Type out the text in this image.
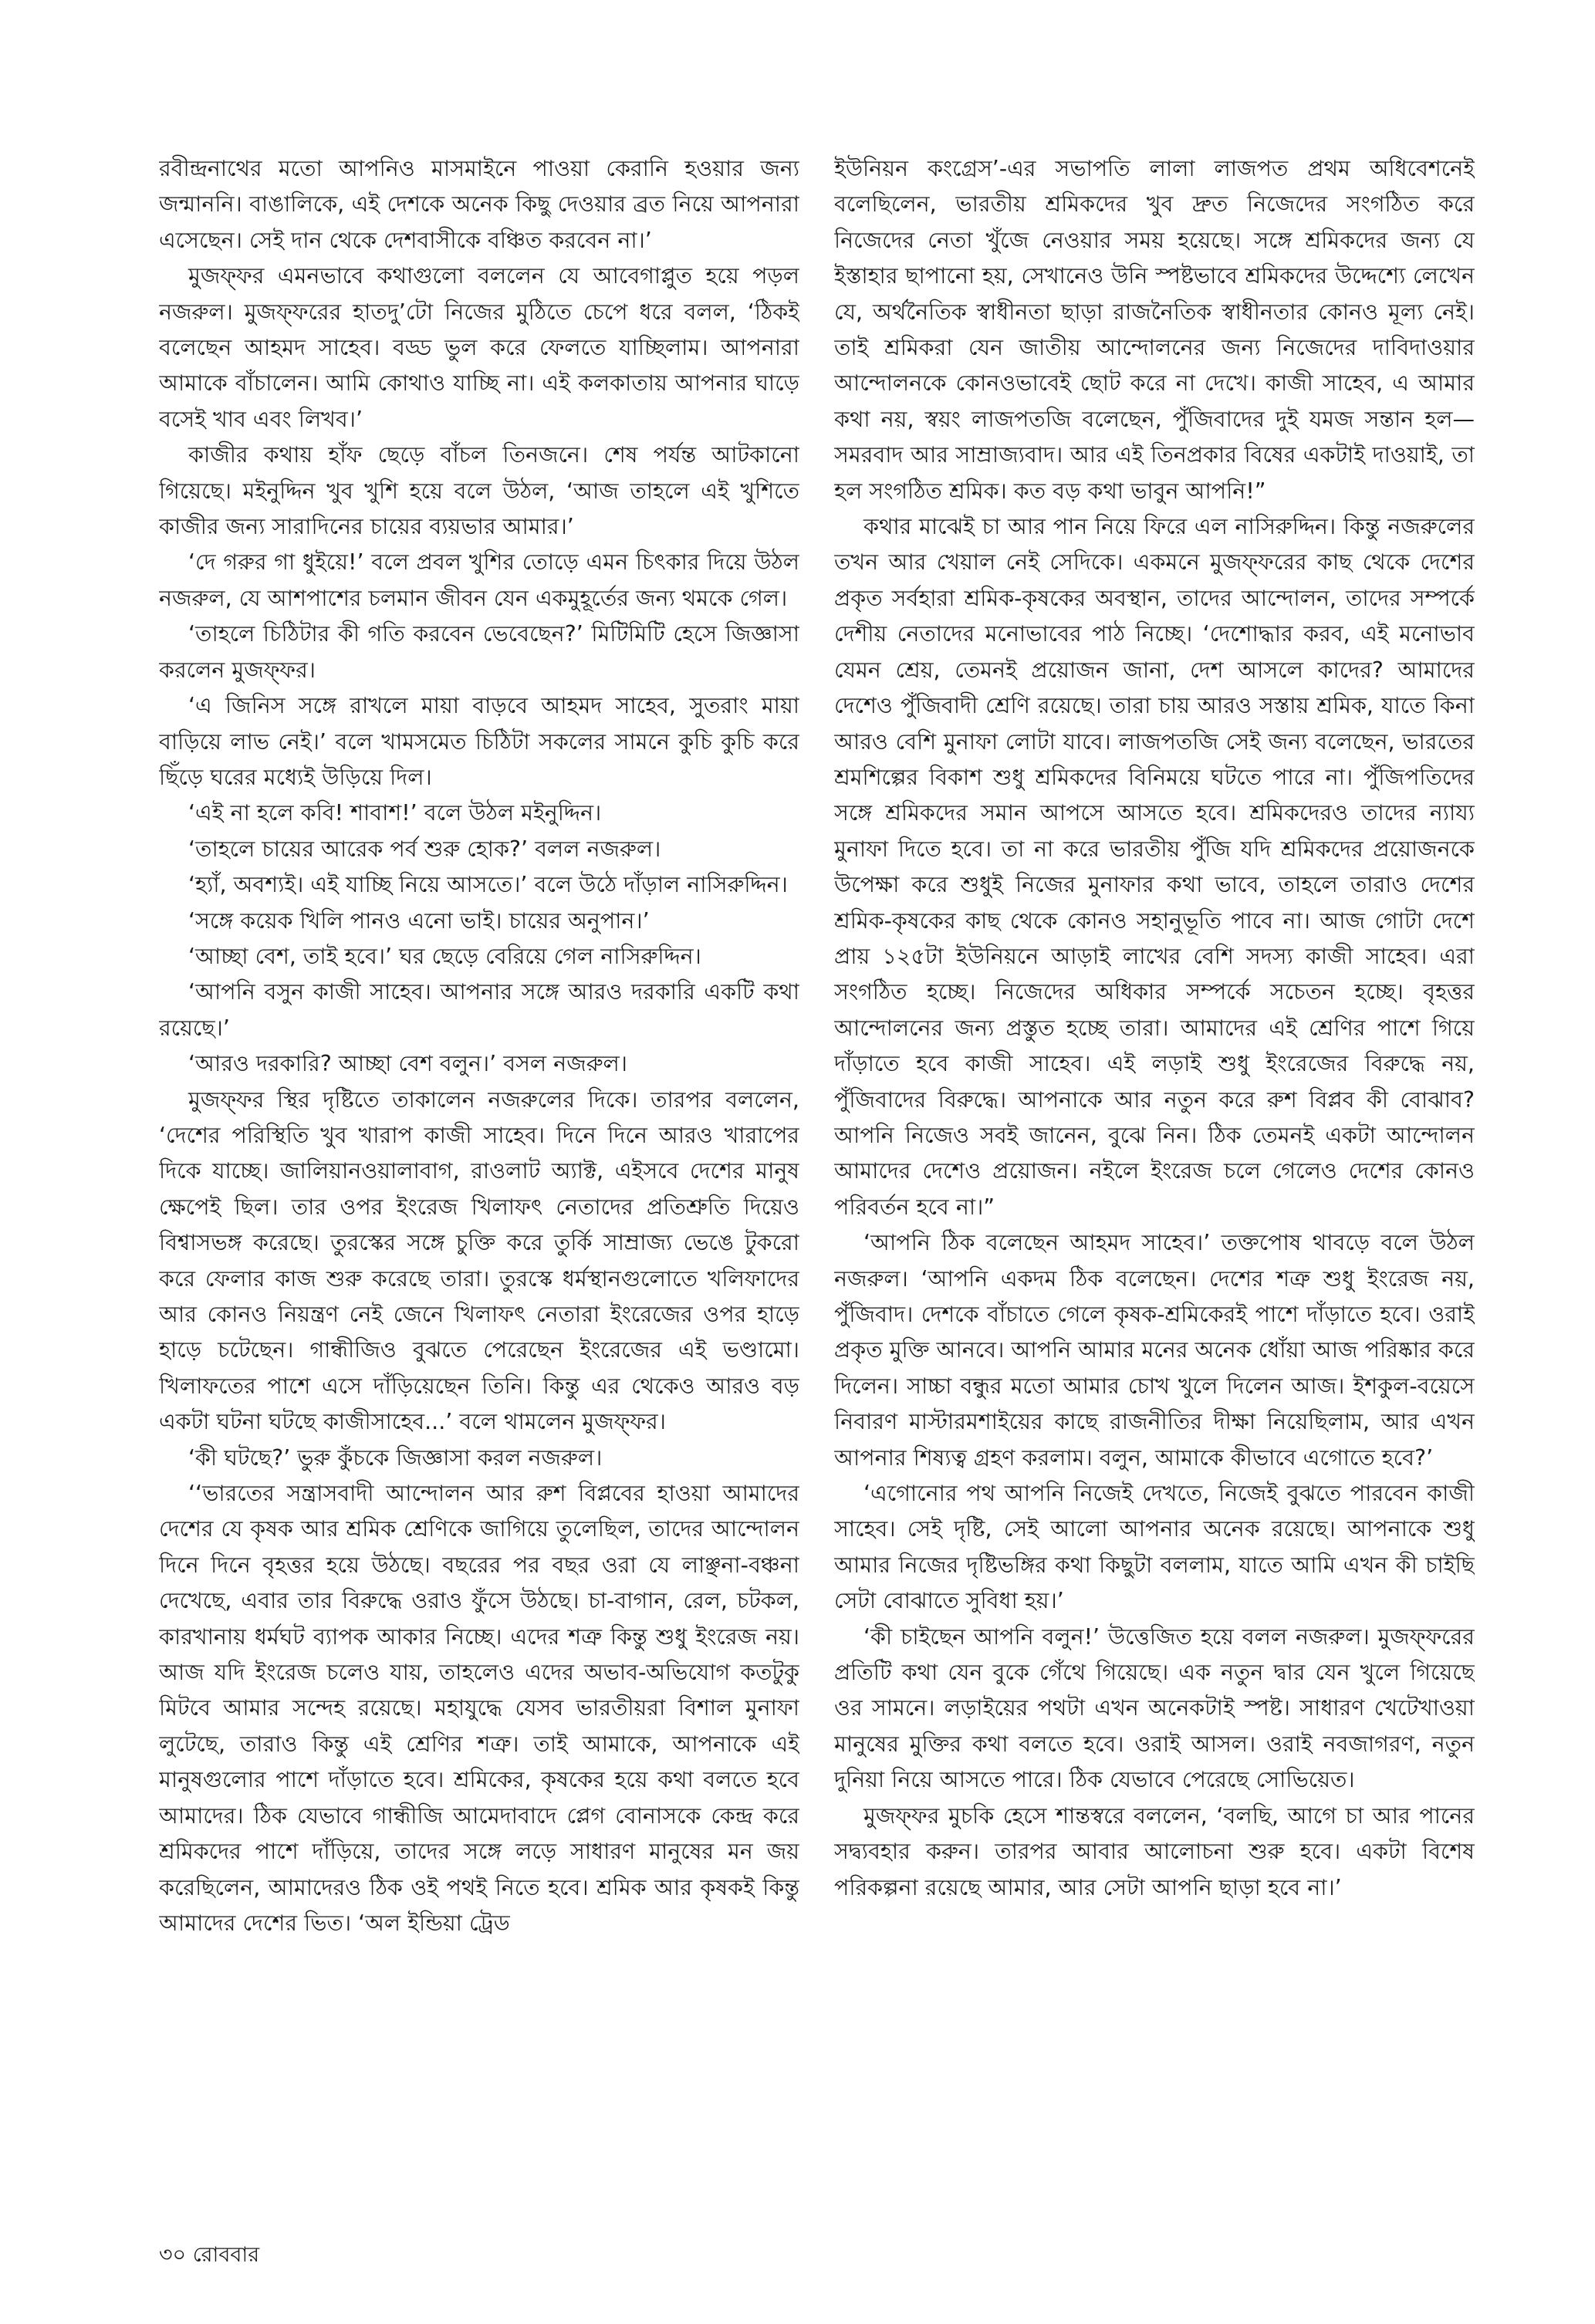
রবীন্দ্রনাথের মতো আপনিও মাসমাইনে পাওয়া কেরানি হওয়ার জন্য জন্মাননি। বাঙালিকে, এই দেশকে অনেক কিছু দেওয়ার ব্রত নিয়ে আপনারা এসেছেন। সেই দান থেকে দেশবাসীকে বঞ্চিত করবেন না।’

মুজফ্ফর এমনভাবে কথাগুলো বললেন যে আবেগাপ্লুত হয়ে পড়ল নজরুল। মুজফ্ফরের হাতদু’টো নিজের মুঠিতে চেপে ধরে বলল, ‘ঠিকই বলেছেন আহমদ সাহেব। বড্ড ভুল করে ফেলতে যাচ্ছিলাম। আপনারা আমাকে বাঁচালেন। আমি কোথাও যাচ্ছি না। এই কলকাতায় আপনার ঘাড়ে বসেই খাব এবং লিখব।’

কাজীর কথায় হাঁফ ছেড়ে বাঁচল তিনজনে। শেষ পর্যন্ত আটকানো গিয়েছে। মইনুদ্দিন খুব খুশি হয়ে বলে উঠল, ‘আজ তাহলে এই খুশিতে কাজীর জন্য সারাদিনের চায়ের ব্যয়ভার আমার।’

‘দে গরুর গা ধুইয়ে!’ বলে প্রবল খুশির তোড়ে এমন চিৎকার দিয়ে উঠল নজরুল, যে আশপাশের চলমান জীবন যেন একমুহূর্তের জন্য থমকে গেল।

‘তাহলে চিঠিটার কী গতি করবেন ভেবেছেন?’ মিটিমিটি হেসে জিজ্ঞাসা করলেন মুজফ্ফর।

‘এ জিনিস সঙ্গে রাখলে মায়া বাড়বে আহমদ সাহেব, সুতরাং মায়া বাড়িয়ে লাভ নেই।’ বলে খামসমেত চিঠিটা সকলের সামনে কুচি কুচি করে ছিঁড়ে ঘরের মধ্যেই উড়িয়ে দিল।

‘এই না হলে কবি! শাবাশ!’ বলে উঠল মইনুদ্দিন।

‘তাহলে চায়ের আরেক পর্ব শুরু হোক?’ বলল নজরুল।

‘হ্যাঁ, অবশ্যই। এই যাচ্ছি নিয়ে আসতে।’ বলে উঠে দাঁড়াল নাসিরুদ্দিন।

‘সঙ্গে কয়েক খিলি পানও এনো ভাই। চায়ের অনুপান।’

‘আচ্ছা বেশ, তাই হবে।’ ঘর ছেড়ে বেরিয়ে গেল নাসিরুদ্দিন।

‘আপনি বসুন কাজী সাহেব। আপনার সঙ্গে আরও দরকারি একটি কথা রয়েছে।’

‘আরও দরকারি? আচ্ছা বেশ বলুন।’ বসল নজরুল।

মুজফ্ফর স্থির দৃষ্টিতে তাকালেন নজরুলের দিকে। তারপর বললেন, ‘দেশের পরিস্থিতি খুব খারাপ কাজী সাহেব। দিনে দিনে আরও খারাপের দিকে যাচ্ছে। জালিয়ানওয়ালাবাগ, রাওলাট অ্যাক্ট, এইসবে দেশের মানুষ ক্ষেপেই ছিল। তার ওপর ইংরেজ খিলাফৎ নেতাদের প্রতিশ্রুতি দিয়েও বিশ্বাসভঙ্গ করেছে। তুরস্কের সঙ্গে চুক্তি করে তুর্কি সাম্রাজ্য ভেঙে টুকরো করে ফেলার কাজ শুরু করেছে তারা। তুরস্কে ধর্মস্থানগুলোতে খলিফাদের আর কোনও নিয়ন্ত্রণ নেই জেনে খিলাফৎ নেতারা ইংরেজের ওপর হাড়ে হাড়ে চটেছেন। গান্ধীজিও বুঝতে পেরেছেন ইংরেজের এই ভণ্ডামো। খিলাফতের পাশে এসে দাঁড়িয়েছেন তিনি। কিন্তু এর থেকেও আরও বড় একটা ঘটনা ঘটছে কাজীসাহেব...’ বলে থামলেন মুজফ্ফর।

‘কী ঘটছে?’ ভুরু কুঁচকে জিজ্ঞাসা করল নজরুল।

‘‘ভারতের সন্ত্রাসবাদী আন্দোলন আর রুশ বিপ্লবের হাওয়া আমাদের দেশের যে কৃষক আর শ্রমিক শ্রেণিকে জাগিয়ে তুলেছিল, তাদের আন্দোলন দিনে দিনে বৃহত্তর হয়ে উঠছে। বছরের পর বছর ওরা যে লাঞ্ছনা-বঞ্চনা দেখেছে, এবার তার বিরুদ্ধে ওরাও ফুঁসে উঠছে। চা-বাগান, রেল, চটকল, কারখানায় ধর্মঘট ব্যাপক আকার নিচ্ছে। এদের শত্রু কিন্তু শুধু ইংরেজ নয়। আজ যদি ইংরেজ চলেও যায়, তাহলেও এদের অভাব-অভিযোগ কতটুকু মিটবে আমার সন্দেহ রয়েছে। মহাযুদ্ধে যেসব ভারতীয়রা বিশাল মুনাফা লুটেছে, তারাও কিন্তু এই শ্রেণির শত্রু। তাই আমাকে, আপনাকে এই মানুষগুলোর পাশে দাঁড়াতে হবে। শ্রমিকের, কৃষকের হয়ে কথা বলতে হবে আমাদের। ঠিক যেভাবে গান্ধীজি আমেদাবাদে প্লেগ বোনাসকে কেন্দ্র করে শ্রমিকদের পাশে দাঁড়িয়ে, তাদের সঙ্গে লড়ে সাধারণ মানুষের মন জয় করেছিলেন, আমাদেরও ঠিক ওই পথই নিতে হবে। শ্রমিক আর কৃষকই কিন্তু আমাদের দেশের ভিত। ‘অল ইন্ডিয়া ট্রেড

ইউনিয়ন কংগ্রেস’-এর সভাপতি লালা লাজপত প্রথম অধিবেশনেই বলেছিলেন, ভারতীয় শ্রমিকদের খুব দ্রুত নিজেদের সংগঠিত করে নিজেদের নেতা খুঁজে নেওয়ার সময় হয়েছে। সঙ্গে শ্রমিকদের জন্য যে ইস্তাহার ছাপানো হয়, সেখানেও উনি স্পষ্টভাবে শ্রমিকদের উদ্দেশ্যে লেখেন যে, অর্থনৈতিক স্বাধীনতা ছাড়া রাজনৈতিক স্বাধীনতার কোনও মূল্য নেই। তাই শ্রমিকরা যেন জাতীয় আন্দোলনের জন্য নিজেদের দাবিদাওয়ার আন্দোলনকে কোনওভাবেই ছোট করে না দেখে। কাজী সাহেব, এ আমার কথা নয়, স্বয়ং লাজপতজি বলেছেন, পুঁজিবাদের দুই যমজ সন্তান হল— সমরবাদ আর সাম্রাজ্যবাদ। আর এই তিনপ্রকার বিষের একটাই দাওয়াই, তা হল সংগঠিত শ্রমিক। কত বড় কথা ভাবুন আপনি!”

কথার মাঝেই চা আর পান নিয়ে ফিরে এল নাসিরুদ্দিন। কিন্তু নজরুলের তখন আর খেয়াল নেই সেদিকে। একমনে মুজফ্ফরের কাছ থেকে দেশের প্রকৃত সর্বহারা শ্রমিক-কৃষকের অবস্থান, তাদের আন্দোলন, তাদের সম্পর্কে দেশীয় নেতাদের মনোভাবের পাঠ নিচ্ছে। ‘দেশোদ্ধার করব, এই মনোভাব যেমন শ্রেয়, তেমনই প্রয়োজন জানা, দেশ আসলে কাদের? আমাদের দেশেও পুঁজিবাদী শ্রেণি রয়েছে। তারা চায় আরও সস্তায় শ্রমিক, যাতে কিনা আরও বেশি মুনাফা লোটা যাবে। লাজপতজি সেই জন্য বলেছেন, ভারতের শ্রমশিল্পের বিকাশ শুধু শ্রমিকদের বিনিময়ে ঘটতে পারে না। পুঁজিপতিদের সঙ্গে শ্রমিকদের সমান আপসে আসতে হবে। শ্রমিকদেরও তাদের ন্যায্য মুনাফা দিতে হবে। তা না করে ভারতীয় পুঁজি যদি শ্রমিকদের প্রয়োজনকে উপেক্ষা করে শুধুই নিজের মুনাফার কথা ভাবে, তাহলে তারাও দেশের শ্রমিক-কৃষকের কাছ থেকে কোনও সহানুভূতি পাবে না। আজ গোটা দেশে প্রায় ১২৫টা ইউনিয়নে আড়াই লাখের বেশি সদস্য কাজী সাহেব। এরা সংগঠিত হচ্ছে। নিজেদের অধিকার সম্পর্কে সচেতন হচ্ছে। বৃহত্তর আন্দোলনের জন্য প্রস্তুত হচ্ছে তারা। আমাদের এই শ্রেণির পাশে গিয়ে দাঁড়াতে হবে কাজী সাহেব। এই লড়াই শুধু ইংরেজের বিরুদ্ধে নয়, পুঁজিবাদের বিরুদ্ধে। আপনাকে আর নতুন করে রুশ বিপ্লব কী বোঝাব? আপনি নিজেও সবই জানেন, বুঝে নিন। ঠিক তেমনই একটা আন্দোলন আমাদের দেশেও প্রয়োজন। নইলে ইংরেজ চলে গেলেও দেশের কোনও পরিবর্তন হবে না।”

‘আপনি ঠিক বলেছেন আহমদ সাহেব।’ তক্তপোষ থাবড়ে বলে উঠল নজরুল। ‘আপনি একদম ঠিক বলেছেন। দেশের শত্রু শুধু ইংরেজ নয়, পুঁজিবাদ। দেশকে বাঁচাতে গেলে কৃষক-শ্রমিকেরই পাশে দাঁড়াতে হবে। ওরাই প্রকৃত মুক্তি আনবে। আপনি আমার মনের অনেক ধোঁয়া আজ পরিষ্কার করে দিলেন। সাচ্চা বন্ধুর মতো আমার চোখ খুলে দিলেন আজ। ইশকুল-বয়েসে নিবারণ মাস্টারমশাইয়ের কাছে রাজনীতির দীক্ষা নিয়েছিলাম, আর এখন আপনার শিষ্যত্ব গ্রহণ করলাম। বলুন, আমাকে কীভাবে এগোতে হবে?’

‘এগোনোর পথ আপনি নিজেই দেখতে, নিজেই বুঝতে পারবেন কাজী সাহেব। সেই দৃষ্টি, সেই আলো আপনার অনেক রয়েছে। আপনাকে শুধু আমার নিজের দৃষ্টিভঙ্গির কথা কিছুটা বললাম, যাতে আমি এখন কী চাইছি সেটা বোঝাতে সুবিধা হয়।’

‘কী চাইছেন আপনি বলুন!’ উত্তেজিত হয়ে বলল নজরুল। মুজফ্ফরের প্রতিটি কথা যেন বুকে গেঁথে গিয়েছে। এক নতুন দ্বার যেন খুলে গিয়েছে ওর সামনে। লড়াইয়ের পথটা এখন অনেকটাই স্পষ্ট। সাধারণ খেটেখাওয়া মানুষের মুক্তির কথা বলতে হবে। ওরাই আসল। ওরাই নবজাগরণ, নতুন দুনিয়া নিয়ে আসতে পারে। ঠিক যেভাবে পেরেছে সোভিয়েত।

মুজফ্ফর মুচকি হেসে শান্তস্বরে বললেন, ‘বলছি, আগে চা আর পানের সদ্ব্যবহার করুন। তারপর আবার আলোচনা শুরু হবে। একটা বিশেষ পরিকল্পনা রয়েছে আমার, আর সেটা আপনি ছাড়া হবে না।’

৩০ রোববার
